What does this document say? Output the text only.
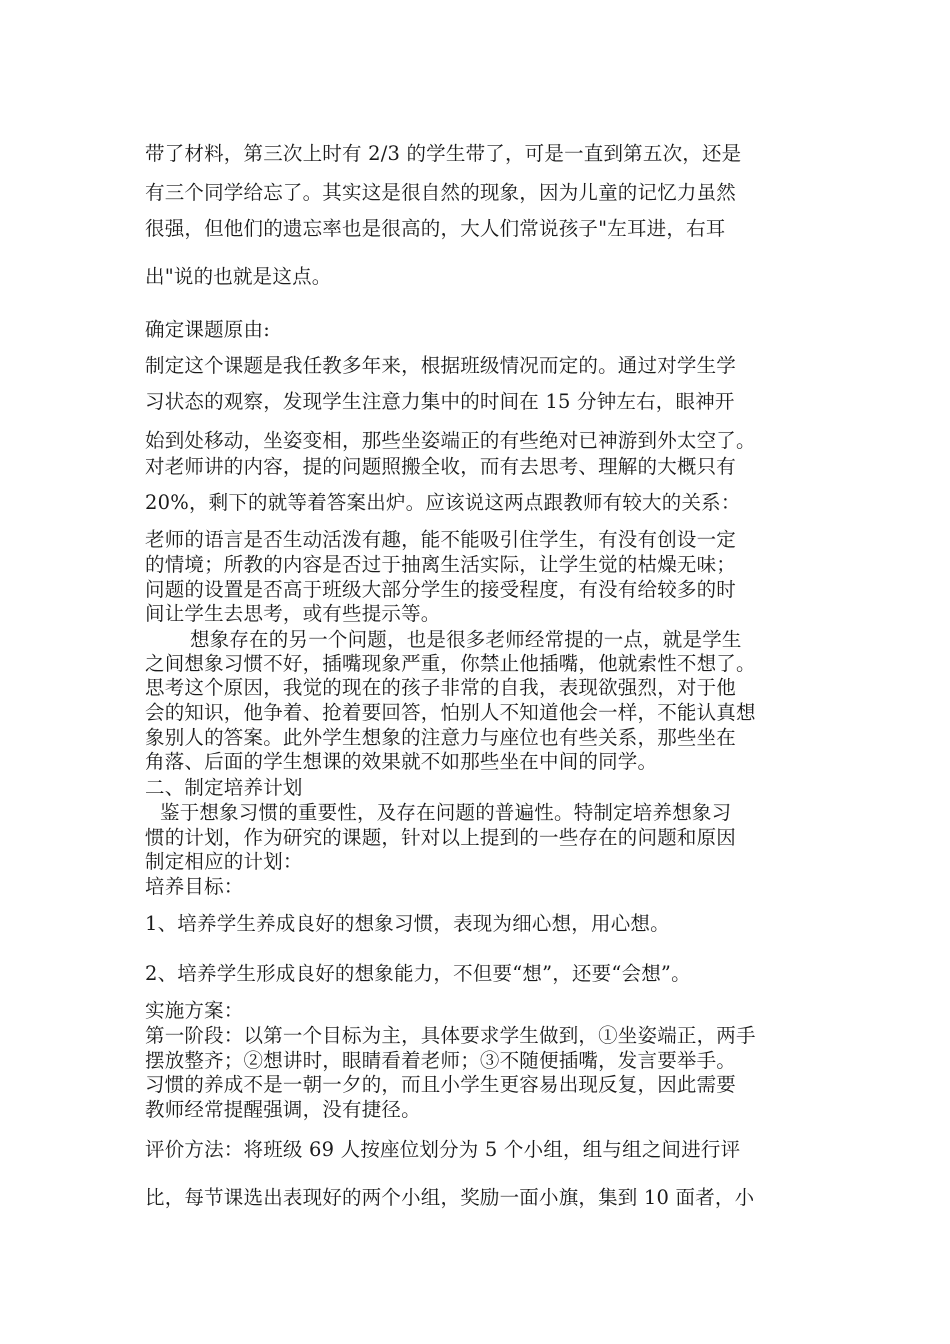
带了材料，第三次上时有 2/3 的学生带了，可是一直到第五次，还是
有三个同学给忘了。其实这是很自然的现象，因为儿童的记忆力虽然
很强，但他们的遗忘率也是很高的，大人们常说孩子"左耳进，右耳
出"说的也就是这点。
确定课题原由:
制定这个课题是我任教多年来，根据班级情况而定的。通过对学生学
习状态的观察，发现学生注意力集中的时间在 15 分钟左右，眼神开
始到处移动，坐姿变相，那些坐姿端正的有些绝对已神游到外太空了。
对老师讲的内容，提的问题照搬全收，而有去思考、理解的大概只有
20%，剩下的就等着答案出炉。应该说这两点跟教师有较大的关系：
老师的语言是否生动活泼有趣，能不能吸引住学生，有没有创设一定
的情境；所教的内容是否过于抽离生活实际，让学生觉的枯燥无味；
问题的设置是否高于班级大部分学生的接受程度，有没有给较多的时
间让学生去思考，或有些提示等。
想象存在的另一个问题，也是很多老师经常提的一点，就是学生
之间想象习惯不好，插嘴现象严重，你禁止他插嘴，他就索性不想了。
思考这个原因，我觉的现在的孩子非常的自我，表现欲强烈，对于他
会的知识，他争着、抢着要回答，怕别人不知道他会一样，不能认真想
象别人的答案。此外学生想象的注意力与座位也有些关系，那些坐在
角落、后面的学生想课的效果就不如那些坐在中间的同学。
二、制定培养计划
鉴于想象习惯的重要性，及存在问题的普遍性。特制定培养想象习
惯的计划，作为研究的课题，针对以上提到的一些存在的问题和原因
制定相应的计划：
培养目标：
1、培养学生养成良好的想象习惯，表现为细心想，用心想。
2、培养学生形成良好的想象能力，不但要“想”，还要“会想”。
实施方案：
第一阶段：以第一个目标为主，具体要求学生做到，①坐姿端正，两手
摆放整齐；②想讲时，眼睛看着老师；③不随便插嘴，发言要举手。
习惯的养成不是一朝一夕的，而且小学生更容易出现反复，因此需要
教师经常提醒强调，没有捷径。
评价方法：将班级 69 人按座位划分为 5 个小组，组与组之间进行评
比，每节课选出表现好的两个小组，奖励一面小旗，集到 10 面者，小
